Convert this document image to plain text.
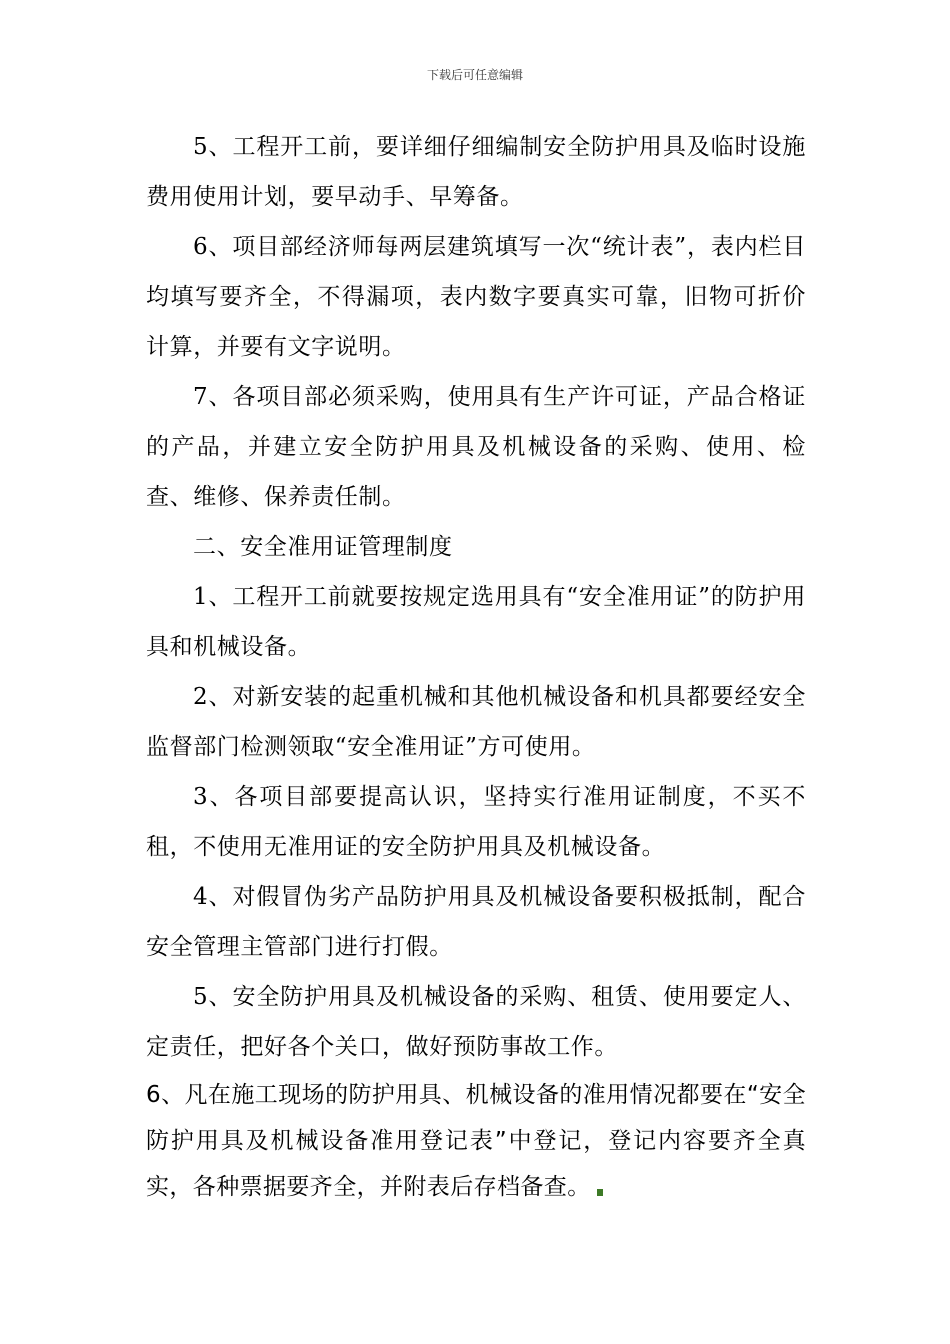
下载后可任意编辑

5、工程开工前，要详细仔细编制安全防护用具及临时设施费用使用计划，要早动手、早筹备。

6、项目部经济师每两层建筑填写一次“统计表”，表内栏目均填写要齐全，不得漏项，表内数字要真实可靠，旧物可折价计算，并要有文字说明。

7、各项目部必须采购，使用具有生产许可证，产品合格证的产品，并建立安全防护用具及机械设备的采购、使用、检查、维修、保养责任制。

二、安全准用证管理制度

1、工程开工前就要按规定选用具有“安全准用证”的防护用具和机械设备。

2、对新安装的起重机械和其他机械设备和机具都要经安全监督部门检测领取“安全准用证”方可使用。

3、各项目部要提高认识，坚持实行准用证制度，不买不租，不使用无准用证的安全防护用具及机械设备。

4、对假冒伪劣产品防护用具及机械设备要积极抵制，配合安全管理主管部门进行打假。

5、安全防护用具及机械设备的采购、租赁、使用要定人、定责任，把好各个关口，做好预防事故工作。

6、凡在施工现场的防护用具、机械设备的准用情况都要在“安全防护用具及机械设备准用登记表”中登记，登记内容要齐全真实，各种票据要齐全，并附表后存档备查。
